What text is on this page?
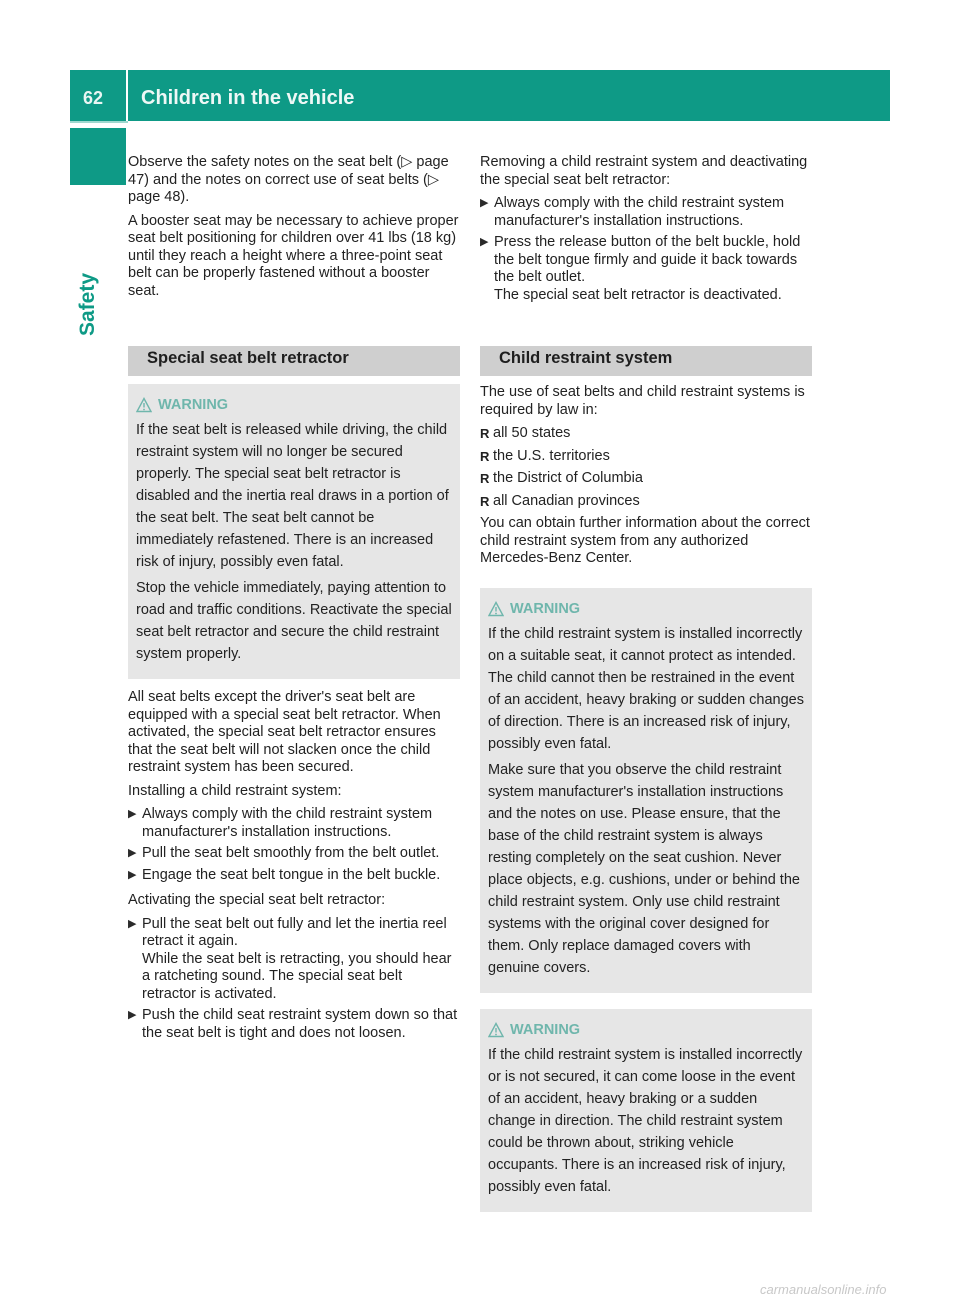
62 Children in the vehicle
Safety

Observe the safety notes on the seat belt (▷ page 47) and the notes on correct use of seat belts (▷ page 48).

A booster seat may be necessary to achieve proper seat belt positioning for children over 41 lbs (18 kg) until they reach a height where a three-point seat belt can be properly fastened without a booster seat.

Special seat belt retractor
WARNING

If the seat belt is released while driving, the child restraint system will no longer be secured properly. The special seat belt retractor is disabled and the inertia real draws in a portion of the seat belt. The seat belt cannot be immediately refastened. There is an increased risk of injury, possibly even fatal.

Stop the vehicle immediately, paying attention to road and traffic conditions. Reactivate the special seat belt retractor and secure the child restraint system properly.

All seat belts except the driver's seat belt are equipped with a special seat belt retractor. When activated, the special seat belt retractor ensures that the seat belt will not slacken once the child restraint system has been secured.

Installing a child restraint system:

▶ Always comply with the child restraint system manufacturer's installation instructions.
▶ Pull the seat belt smoothly from the belt outlet.
▶ Engage the seat belt tongue in the belt buckle.

Activating the special seat belt retractor:

▶ Pull the seat belt out fully and let the inertia reel retract it again.
While the seat belt is retracting, you should hear a ratcheting sound. The special seat belt retractor is activated.
▶ Push the child seat restraint system down so that the seat belt is tight and does not loosen.

Removing a child restraint system and deactivating the special seat belt retractor:

▶ Always comply with the child restraint system manufacturer's installation instructions.
▶ Press the release button of the belt buckle, hold the belt tongue firmly and guide it back towards the belt outlet.
The special seat belt retractor is deactivated.
Child restraint system

The use of seat belts and child restraint systems is required by law in:

R all 50 states
R the U.S. territories
R the District of Columbia
R all Canadian provinces

You can obtain further information about the correct child restraint system from any authorized Mercedes-Benz Center.

WARNING

If the child restraint system is installed incorrectly on a suitable seat, it cannot protect as intended. The child cannot then be restrained in the event of an accident, heavy braking or sudden changes of direction. There is an increased risk of injury, possibly even fatal.

Make sure that you observe the child restraint system manufacturer's installation instructions and the notes on use. Please ensure, that the base of the child restraint system is always resting completely on the seat cushion. Never place objects, e.g. cushions, under or behind the child restraint system. Only use child restraint systems with the original cover designed for them. Only replace damaged covers with genuine covers.

WARNING

If the child restraint system is installed incorrectly or is not secured, it can come loose in the event of an accident, heavy braking or a sudden change in direction. The child restraint system could be thrown about, striking vehicle occupants. There is an increased risk of injury, possibly even fatal.

carmanualsonline.info
